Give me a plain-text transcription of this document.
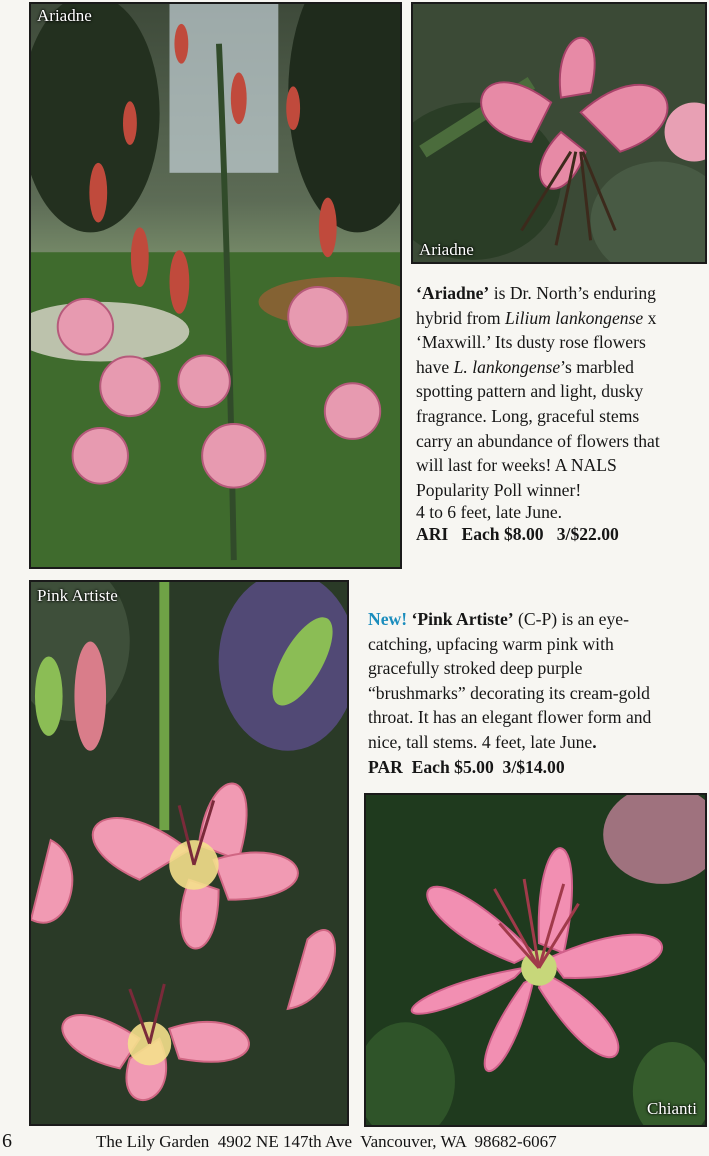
Ariadne
Ariadne
‘Ariadne’ is Dr. North’s enduring
hybrid from Lilium lankongense x
‘Maxwill.’ Its dusty rose flowers
have L. lankongense’s marbled
spotting pattern and light, dusky
fragrance. Long, graceful stems
carry an abundance of flowers that
will last for weeks! A NALS
Popularity Poll winner!
4 to 6 feet, late June.
ARI   Each $8.00   3/$22.00
Pink Artiste
New! ‘Pink Artiste’ (C-P) is an eye-
catching, upfacing warm pink with
gracefully stroked deep purple
“brushmarks” decorating its cream-gold
throat. It has an elegant flower form and
nice, tall stems. 4 feet, late June.
PAR  Each $5.00  3/$14.00
Chianti
6	The Lily Garden  4902 NE 147th Ave  Vancouver, WA  98682-6067
